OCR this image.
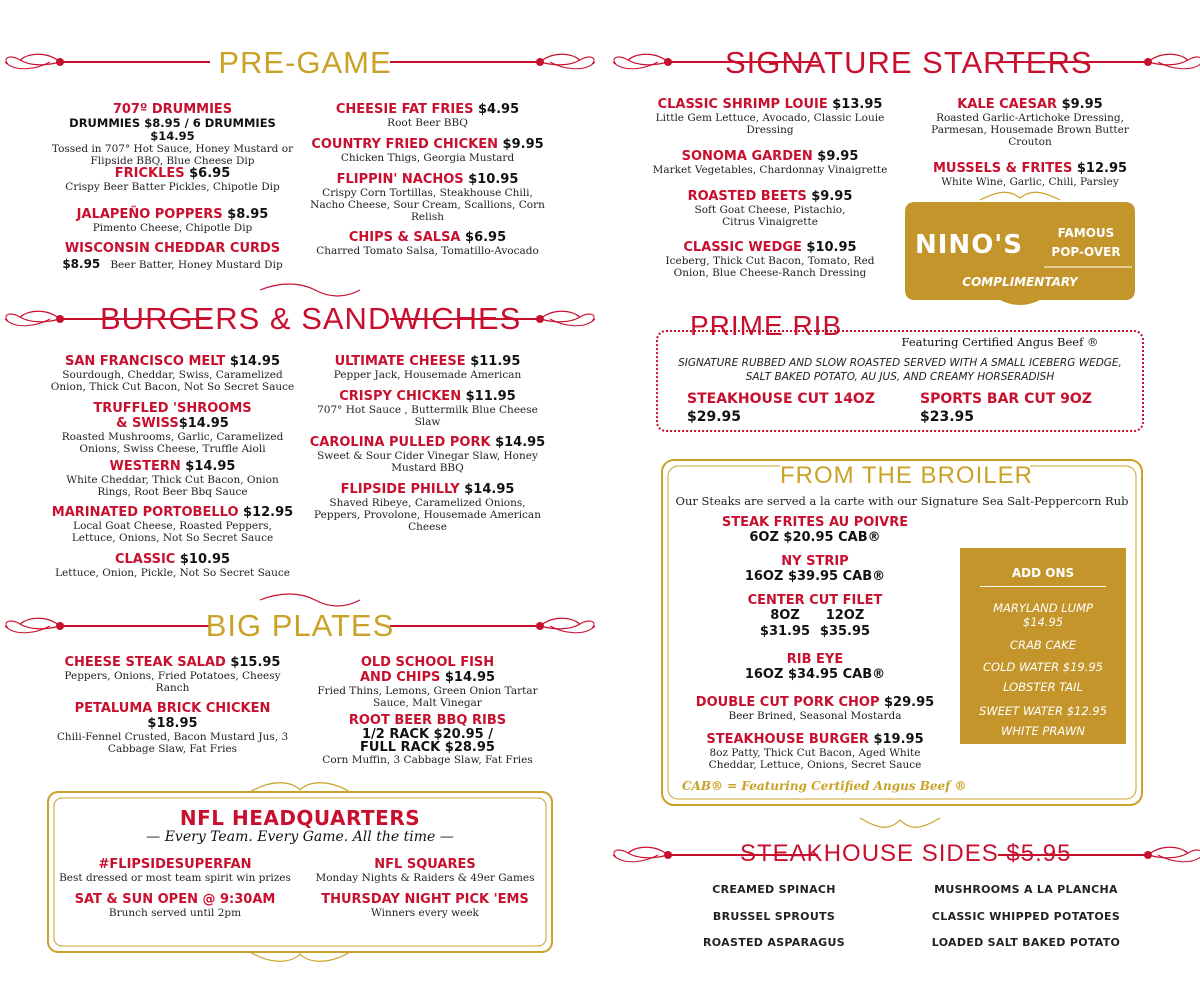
PRE-GAME
BURGERS & SANDWICHES
BIG PLATES
SIGNATURE STARTERS
PRIME RIB
FROM THE BROILER
STEAKHOUSE SIDES $5.95
707º DRUMMIES
DRUMMIES $8.95 / 6 DRUMMIES $14.95
Tossed in 707° Hot Sauce, Honey Mustard or Flipside BBQ, Blue Cheese Dip
FRICKLES $6.95
Crispy Beer Batter Pickles, Chipotle Dip
JALAPEÑO POPPERS $8.95
Pimento Cheese, Chipotle Dip
WISCONSIN CHEDDAR CURDS
$8.95 Beer Batter, Honey Mustard Dip
CHEESIE FAT FRIES $4.95
Root Beer BBQ
COUNTRY FRIED CHICKEN $9.95
Chicken Thigs, Georgia Mustard
FLIPPIN' NACHOS $10.95
Crispy Corn Tortillas, Steakhouse Chili, Nacho Cheese, Sour Cream, Scallions, Corn Relish
CHIPS & SALSA $6.95
Charred Tomato Salsa, Tomatillo-Avocado
SAN FRANCISCO MELT $14.95
Sourdough, Cheddar, Swiss, Caramelized Onion, Thick Cut Bacon, Not So Secret Sauce
TRUFFLED 'SHROOMS
& SWISS$14.95
Roasted Mushrooms, Garlic, Caramelized Onions, Swiss Cheese, Truffle Aioli
WESTERN $14.95
White Cheddar, Thick Cut Bacon, Onion Rings, Root Beer Bbq Sauce
MARINATED PORTOBELLO $12.95
Local Goat Cheese, Roasted Peppers, Lettuce, Onions, Not So Secret Sauce
CLASSIC $10.95
Lettuce, Onion, Pickle, Not So Secret Sauce
ULTIMATE CHEESE $11.95
Pepper Jack, Housemade American
CRISPY CHICKEN $11.95
707° Hot Sauce , Buttermilk Blue Cheese Slaw
CAROLINA PULLED PORK $14.95
Sweet & Sour Cider Vinegar Slaw, Honey Mustard BBQ
FLIPSIDE PHILLY $14.95
Shaved Ribeye, Caramelized Onions, Peppers, Provolone, Housemade American Cheese
CHEESE STEAK SALAD $15.95
Peppers, Onions, Fried Potatoes, Cheesy Ranch
PETALUMA BRICK CHICKEN $18.95
Chili-Fennel Crusted, Bacon Mustard Jus, 3 Cabbage Slaw, Fat Fries
OLD SCHOOL FISH
AND CHIPS $14.95
Fried Thins, Lemons, Green Onion Tartar Sauce, Malt Vinegar
ROOT BEER BBQ RIBS
1/2 RACK $20.95 /
FULL RACK $28.95
Corn Muffin, 3 Cabbage Slaw, Fat Fries
NFL HEADQUARTERS
— Every Team. Every Game. All the time —
#FLIPSIDESUPERFAN
Best dressed or most team spirit win prizes
SAT & SUN OPEN @ 9:30AM
Brunch served until 2pm
NFL SQUARES
Monday Nights & Raiders & 49er Games
THURSDAY NIGHT PICK 'EMS
Winners every week
CLASSIC SHRIMP LOUIE $13.95
Little Gem Lettuce, Avocado, Classic Louie Dressing
SONOMA GARDEN $9.95
Market Vegetables, Chardonnay Vinaigrette
ROASTED BEETS $9.95
Soft Goat Cheese, Pistachio, Citrus Vinaigrette
CLASSIC WEDGE $10.95
Iceberg, Thick Cut Bacon, Tomato, Red Onion, Blue Cheese-Ranch Dressing
KALE CAESAR $9.95
Roasted Garlic-Artichoke Dressing, Parmesan, Housemade Brown Butter Crouton
MUSSELS & FRITES $12.95
White Wine, Garlic, Chili, Parsley
NINO'S	FAMOUS
POP-OVER
COMPLIMENTARY
Featuring Certified Angus Beef ®
SIGNATURE RUBBED AND SLOW ROASTED SERVED WITH A SMALL ICEBERG WEDGE, SALT BAKED POTATO, AU JUS, AND CREAMY HORSERADISH
STEAKHOUSE CUT 14OZ
$29.95
SPORTS BAR CUT 9OZ
$23.95
Our Steaks are served a la carte with our Signature Sea Salt-Peppercorn Rub
STEAK FRITES AU POIVRE
6OZ $20.95 CAB®
NY STRIP
16OZ $39.95 CAB®
CENTER CUT FILET
8OZ 12OZ
$31.95 $35.95
RIB EYE
16OZ $34.95 CAB®
DOUBLE CUT PORK CHOP $29.95
Beer Brined, Seasonal Mostarda
STEAKHOUSE BURGER $19.95
8oz Patty, Thick Cut Bacon, Aged White Cheddar, Lettuce, Onions, Secret Sauce
CAB® = Featuring Certified Angus Beef ®
ADD ONS
MARYLAND LUMP
$14.95
CRAB CAKE
COLD WATER $19.95
LOBSTER TAIL
SWEET WATER $12.95
WHITE PRAWN
CREAMED SPINACH	MUSHROOMS A LA PLANCHA
BRUSSEL SPROUTS	CLASSIC WHIPPED POTATOES
ROASTED ASPARAGUS	LOADED SALT BAKED POTATO
